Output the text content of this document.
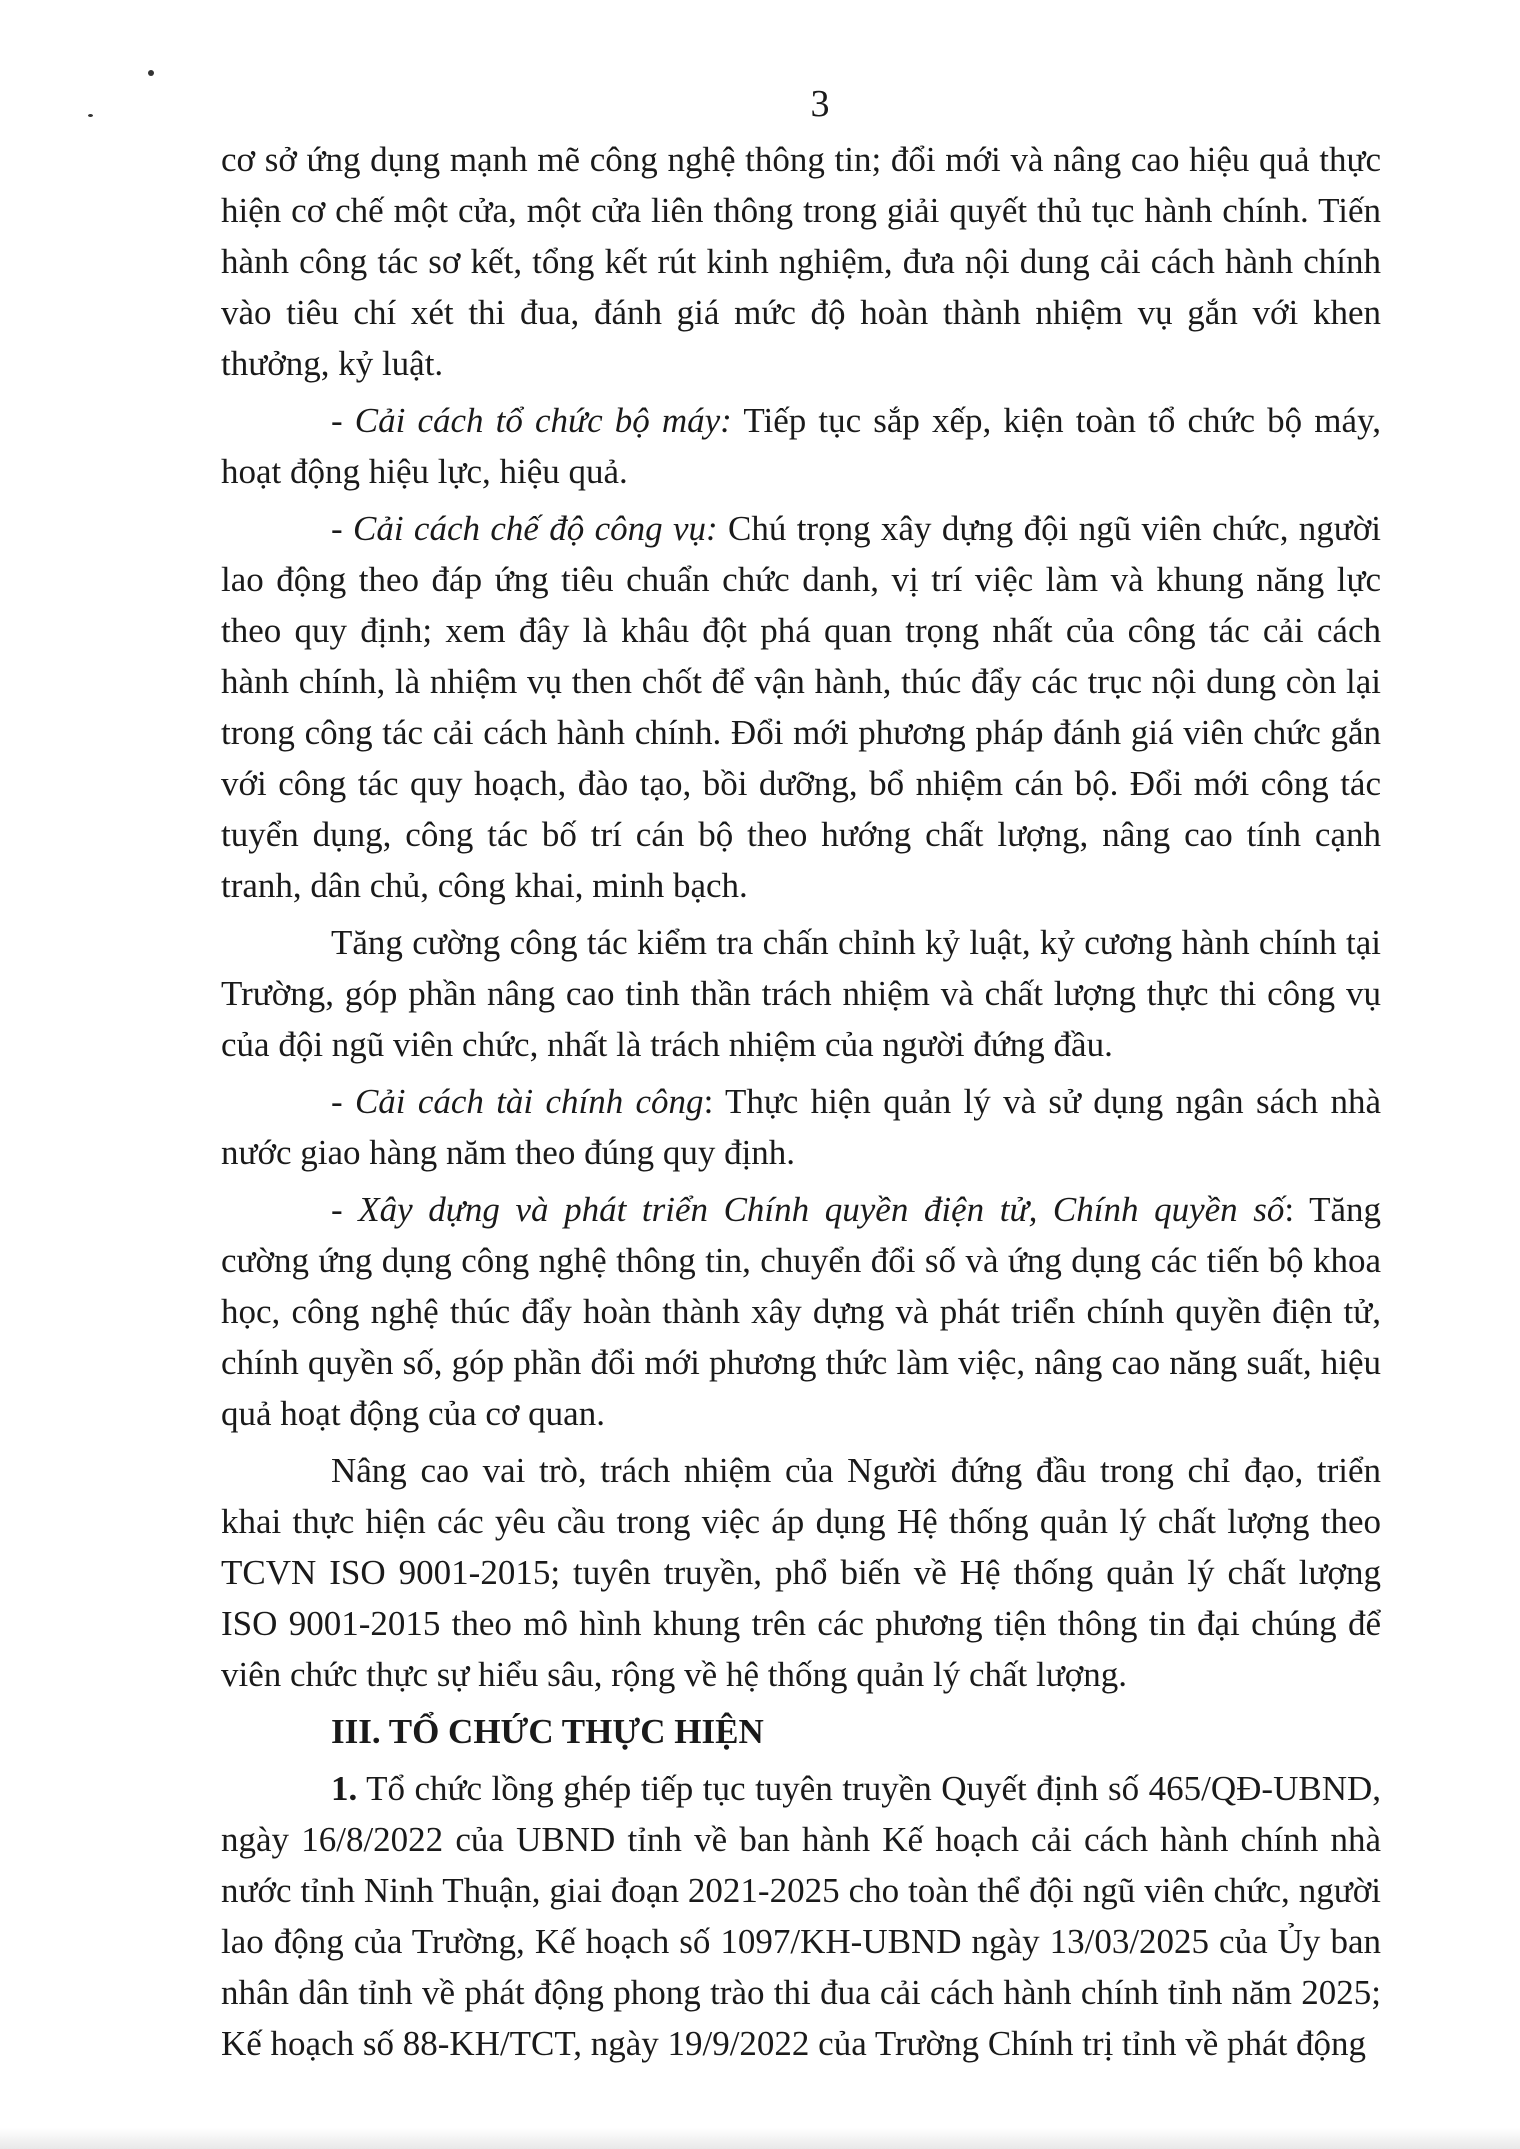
3

cơ sở ứng dụng mạnh mẽ công nghệ thông tin; đổi mới và nâng cao hiệu quả thực hiện cơ chế một cửa, một cửa liên thông trong giải quyết thủ tục hành chính. Tiến hành công tác sơ kết, tổng kết rút kinh nghiệm, đưa nội dung cải cách hành chính vào tiêu chí xét thi đua, đánh giá mức độ hoàn thành nhiệm vụ gắn với khen thưởng, kỷ luật.

- Cải cách tổ chức bộ máy: Tiếp tục sắp xếp, kiện toàn tổ chức bộ máy, hoạt động hiệu lực, hiệu quả.

- Cải cách chế độ công vụ: Chú trọng xây dựng đội ngũ viên chức, người lao động theo đáp ứng tiêu chuẩn chức danh, vị trí việc làm và khung năng lực theo quy định; xem đây là khâu đột phá quan trọng nhất của công tác cải cách hành chính, là nhiệm vụ then chốt để vận hành, thúc đẩy các trục nội dung còn lại trong công tác cải cách hành chính. Đổi mới phương pháp đánh giá viên chức gắn với công tác quy hoạch, đào tạo, bồi dưỡng, bổ nhiệm cán bộ. Đổi mới công tác tuyển dụng, công tác bố trí cán bộ theo hướng chất lượng, nâng cao tính cạnh tranh, dân chủ, công khai, minh bạch.

Tăng cường công tác kiểm tra chấn chỉnh kỷ luật, kỷ cương hành chính tại Trường, góp phần nâng cao tinh thần trách nhiệm và chất lượng thực thi công vụ của đội ngũ viên chức, nhất là trách nhiệm của người đứng đầu.

- Cải cách tài chính công: Thực hiện quản lý và sử dụng ngân sách nhà nước giao hàng năm theo đúng quy định.

- Xây dựng và phát triển Chính quyền điện tử, Chính quyền số: Tăng cường ứng dụng công nghệ thông tin, chuyển đổi số và ứng dụng các tiến bộ khoa học, công nghệ thúc đẩy hoàn thành xây dựng và phát triển chính quyền điện tử, chính quyền số, góp phần đổi mới phương thức làm việc, nâng cao năng suất, hiệu quả hoạt động của cơ quan.

Nâng cao vai trò, trách nhiệm của Người đứng đầu trong chỉ đạo, triển khai thực hiện các yêu cầu trong việc áp dụng Hệ thống quản lý chất lượng theo TCVN ISO 9001-2015; tuyên truyền, phổ biến về Hệ thống quản lý chất lượng ISO 9001-2015 theo mô hình khung trên các phương tiện thông tin đại chúng để viên chức thực sự hiểu sâu, rộng về hệ thống quản lý chất lượng.

III. TỔ CHỨC THỰC HIỆN

1. Tổ chức lồng ghép tiếp tục tuyên truyền Quyết định số 465/QĐ-UBND, ngày 16/8/2022 của UBND tỉnh về ban hành Kế hoạch cải cách hành chính nhà nước tỉnh Ninh Thuận, giai đoạn 2021-2025 cho toàn thể đội ngũ viên chức, người lao động của Trường, Kế hoạch số 1097/KH-UBND ngày 13/03/2025 của Ủy ban nhân dân tỉnh về phát động phong trào thi đua cải cách hành chính tỉnh năm 2025; Kế hoạch số 88-KH/TCT, ngày 19/9/2022 của Trường Chính trị tỉnh về phát động
